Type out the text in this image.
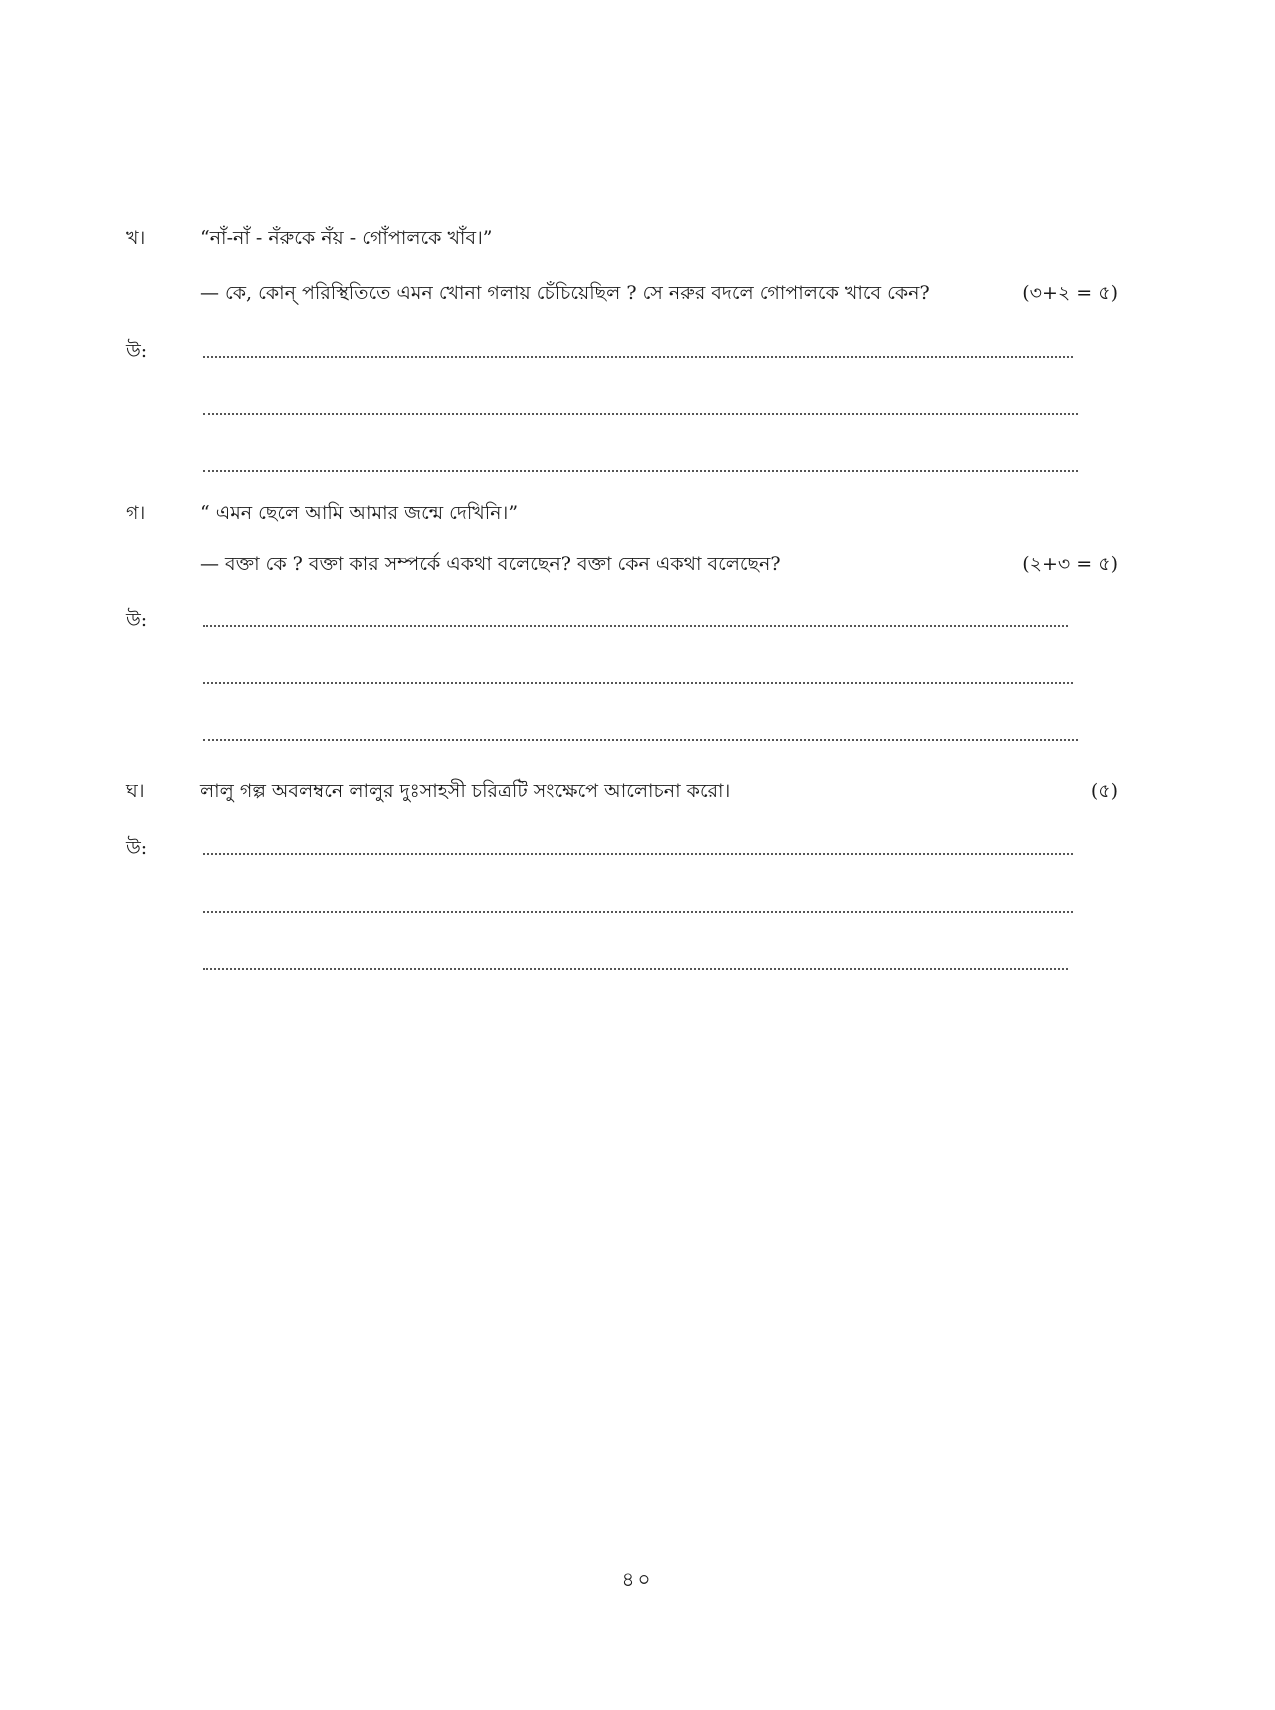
খ।	“নাঁ-নাঁ - নঁরুকে নঁয় - গোঁপালকে খাঁব।”
— কে, কোন্ পরিস্থিতিতে এমন খোনা গলায় চেঁচিয়েছিল ? সে নরুর বদলে গোপালকে খাবে কেন?	(৩+২ = ৫)
উ:
গ।	“ এমন ছেলে আমি আমার জন্মে দেখিনি।”
— বক্তা কে ? বক্তা কার সম্পর্কে একথা বলেছেন? বক্তা কেন একথা বলেছেন?	(২+৩ = ৫)
উ:
ঘ।	লালু গল্প অবলম্বনে লালুর দুঃসাহসী চরিত্রটি সংক্ষেপে আলোচনা করো।	(৫)
উ:
৪০
